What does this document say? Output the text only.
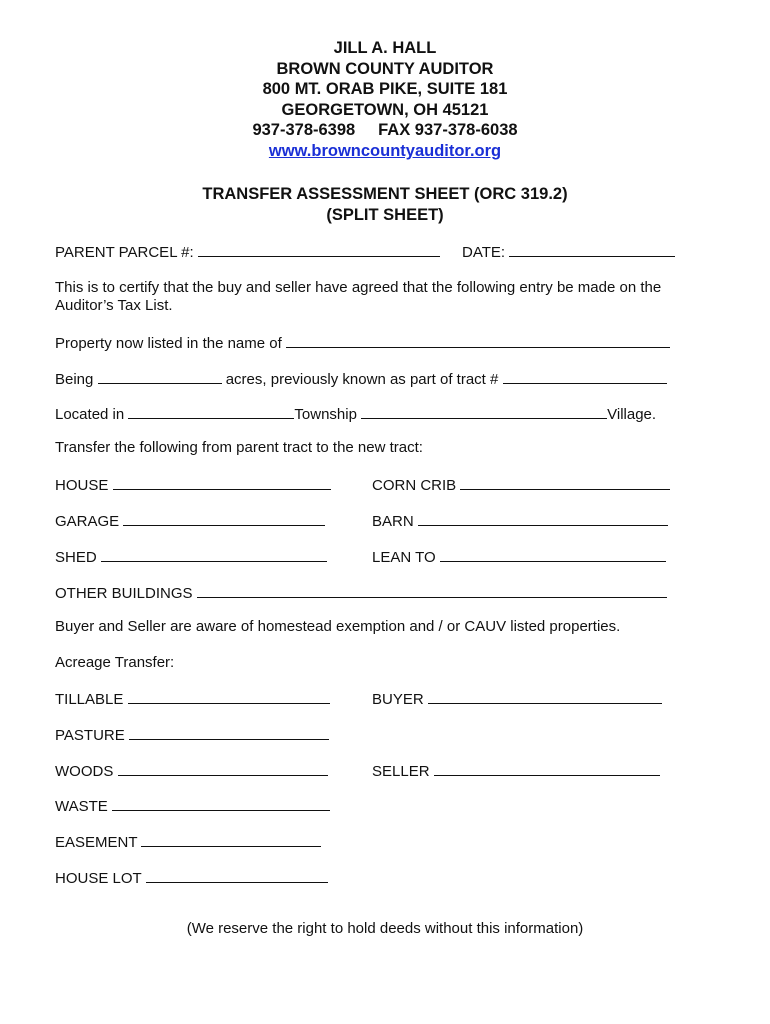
JILL A. HALL
BROWN COUNTY AUDITOR
800 MT. ORAB PIKE, SUITE 181
GEORGETOWN, OH 45121
937-378-6398 FAX 937-378-6038
www.browncountyauditor.org
TRANSFER ASSESSMENT SHEET (ORC 319.2)
(SPLIT SHEET)
PARENT PARCEL #:	DATE:
This is to certify that the buy and seller have agreed that the following entry be made on the Auditor’s Tax List.
Property now listed in the name of
Being	acres, previously known as part of tract #
Located in	Township	Village.
Transfer the following from parent tract to the new tract:
HOUSE	CORN CRIB
GARAGE	BARN
SHED	LEAN TO
OTHER BUILDINGS
Buyer and Seller are aware of homestead exemption and / or CAUV listed properties.
Acreage Transfer:
TILLABLE	BUYER
PASTURE
WOODS	SELLER
WASTE
EASEMENT
HOUSE LOT
(We reserve the right to hold deeds without this information)
